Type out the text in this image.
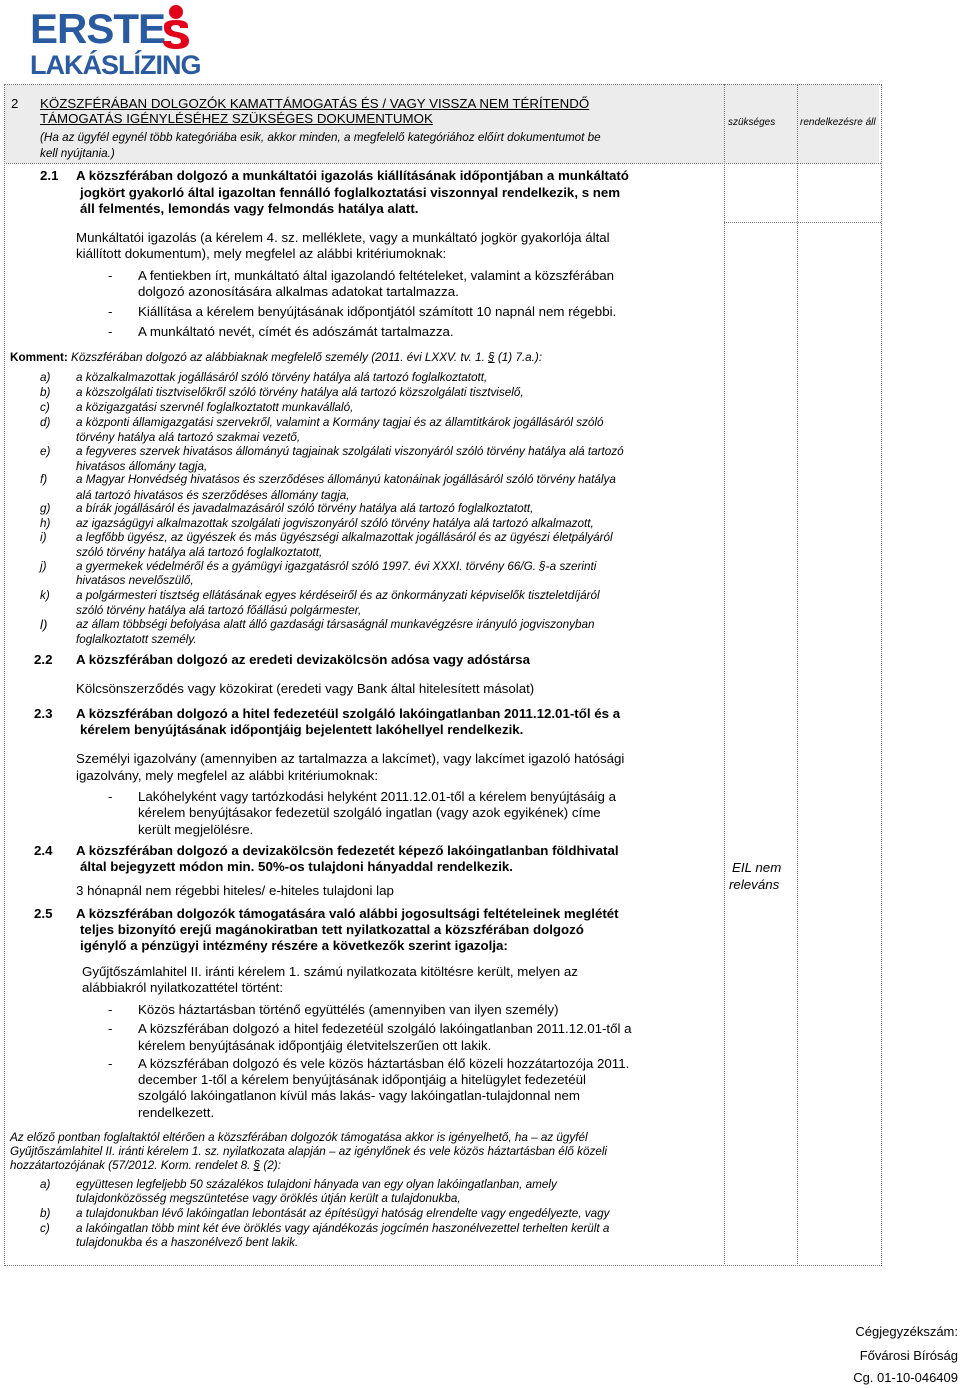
ERSTE
LAKÁSLÍZING
2 KÖZSZFÉRÁBAN DOLGOZÓK KAMATTÁMOGATÁS ÉS / VAGY VISSZA NEM TÉRÍTENDŐ
TÁMOGATÁS IGÉNYLÉSÉHEZ SZÜKSÉGES DOKUMENTUMOK
(Ha az ügyfél egynél több kategóriába esik, akkor minden, a megfelelő kategóriához előírt dokumentumot be
kell nyújtania.)
szükséges rendelkezésre áll
2.1 A közszférában dolgozó a munkáltatói igazolás kiállításának időpontjában a munkáltató
jogkört gyakorló által igazoltan fennálló foglalkoztatási viszonnyal rendelkezik, s nem
áll felmentés, lemondás vagy felmondás hatálya alatt.
Munkáltatói igazolás (a kérelem 4. sz. melléklete, vagy a munkáltató jogkör gyakorlója által
kiállított dokumentum), mely megfelel az alábbi kritériumoknak:
- A fentiekben írt, munkáltató által igazolandó feltételeket, valamint a közszférában
dolgozó azonosítására alkalmas adatokat tartalmazza.
- Kiállítása a kérelem benyújtásának időpontjától számított 10 napnál nem régebbi.
- A munkáltató nevét, címét és adószámát tartalmazza.
Komment: Közszférában dolgozó az alábbiaknak megfelelő személy (2011. évi LXXV. tv. 1. § (1) 7.a.):
a) a közalkalmazottak jogállásáról szóló törvény hatálya alá tartozó foglalkoztatott,
b) a közszolgálati tisztviselőkről szóló törvény hatálya alá tartozó közszolgálati tisztviselő,
c) a közigazgatási szervnél foglalkoztatott munkavállaló,
d) a központi államigazgatási szervekről, valamint a Kormány tagjai és az államtitkárok jogállásáról szóló
törvény hatálya alá tartozó szakmai vezető,
e) a fegyveres szervek hivatásos állományú tagjainak szolgálati viszonyáról szóló törvény hatálya alá tartozó
hivatásos állomány tagja,
f) a Magyar Honvédség hivatásos és szerződéses állományú katonáinak jogállásáról szóló törvény hatálya
alá tartozó hivatásos és szerződéses állomány tagja,
g) a bírák jogállásáról és javadalmazásáról szóló törvény hatálya alá tartozó foglalkoztatott,
h) az igazságügyi alkalmazottak szolgálati jogviszonyáról szóló törvény hatálya alá tartozó alkalmazott,
i)	a legfőbb ügyész, az ügyészek és más ügyészségi alkalmazottak jogállásáról és az ügyészi életpályáról
szóló törvény hatálya alá tartozó foglalkoztatott,
j)	a gyermekek védelméről és a gyámügyi igazgatásról szóló 1997. évi XXXI. törvény 66/G. §-a szerinti
hivatásos nevelőszülő,
k) a polgármesteri tisztség ellátásának egyes kérdéseiről és az önkormányzati képviselők tiszteletdíjáról
szóló törvény hatálya alá tartozó főállású polgármester,
l) az állam többségi befolyása alatt álló gazdasági társaságnál munkavégzésre irányuló jogviszonyban
foglalkoztatott személy.
2.2 A közszférában dolgozó az eredeti devizakölcsön adósa vagy adóstársa
Kölcsönszerződés vagy közokirat (eredeti vagy Bank által hitelesített másolat)
2.3 A közszférában dolgozó a hitel fedezetéül szolgáló lakóingatlanban 2011.12.01-től és a
kérelem benyújtásának időpontjáig bejelentett lakóhellyel rendelkezik.
Személyi igazolvány (amennyiben az tartalmazza a lakcímet), vagy lakcímet igazoló hatósági
igazolvány, mely megfelel az alábbi kritériumoknak:
- Lakóhelyként vagy tartózkodási helyként 2011.12.01-től a kérelem benyújtásáig a
kérelem benyújtásakor fedezetül szolgáló ingatlan (vagy azok egyikének) címe
került megjelölésre.
2.4 A közszférában dolgozó a devizakölcsön fedezetét képező lakóingatlanban földhivatal
által bejegyzett módon min. 50%-os tulajdoni hányaddal rendelkezik.
3 hónapnál nem régebbi hiteles/ e-hiteles tulajdoni lap
EIL nem
releváns
2.5 A közszférában dolgozók támogatására való alábbi jogosultsági feltételeinek meglétét
teljes bizonyító erejű magánokiratban tett nyilatkozattal a közszférában dolgozó
igénylő a pénzügyi intézmény részére a következők szerint igazolja:
Gyűjtőszámlahitel II. iránti kérelem 1. számú nyilatkozata kitöltésre került, melyen az
alábbiakról nyilatkozattétel történt:
- Közös háztartásban történő együttélés (amennyiben van ilyen személy)
- A közszférában dolgozó a hitel fedezetéül szolgáló lakóingatlanban 2011.12.01-től a
kérelem benyújtásának időpontjáig életvitelszerűen ott lakik.
- A közszférában dolgozó és vele közös háztartásban élő közeli hozzátartozója 2011.
december 1-től a kérelem benyújtásának időpontjáig a hitelügylet fedezetéül
szolgáló lakóingatlanon kívül más lakás- vagy lakóingatlan-tulajdonnal nem
rendelkezett.
Az előző pontban foglaltaktól eltérően a közszférában dolgozók támogatása akkor is igényelhető, ha – az ügyfél
Gyűjtőszámlahitel II. iránti kérelem 1. sz. nyilatkozata alapján – az igénylőnek és vele közös háztartásban élő közeli
hozzátartozójának (57/2012. Korm. rendelet 8. § (2):
a) együttesen legfeljebb 50 százalékos tulajdoni hányada van egy olyan lakóingatlanban, amely
tulajdonközösség megszüntetése vagy öröklés útján került a tulajdonukba,
b) a tulajdonukban lévő lakóingatlan lebontását az építésügyi hatóság elrendelte vagy engedélyezte, vagy
c) a lakóingatlan több mint két éve öröklés vagy ajándékozás jogcímén haszonélvezettel terhelten került a
tulajdonukba és a haszonélvező bent lakik.
Cégjegyzékszám:
Fővárosi Bíróság
Cg. 01-10-046409
